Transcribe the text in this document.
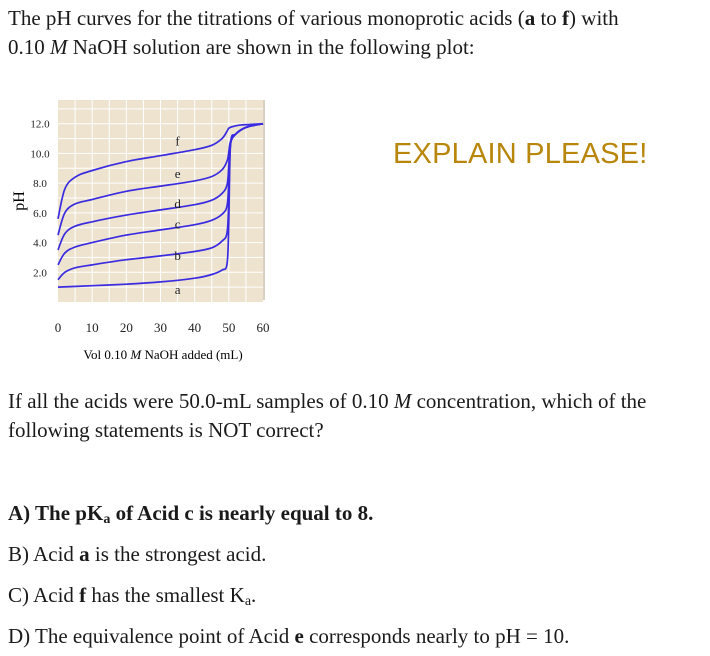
The pH curves for the titrations of various monoprotic acids (a to f) with
0.10 M NaOH solution are shown in the following plot:
2.0
4.0
6.0
8.0
10.0
12.0
0 10 20 30 40 50 60
a
b
c
d
e
f
pH
Vol 0.10 M NaOH added (mL)
EXPLAIN PLEASE!
If all the acids were 50.0-mL samples of 0.10 M concentration, which of the following statements is NOT correct?
A) The $pK_a$ of Acid c is nearly equal to 8.
B) Acid a is the strongest acid.
C) Acid f has the smallest $K_a$.
D) The equivalence point of Acid e corresponds nearly to pH = 10.
